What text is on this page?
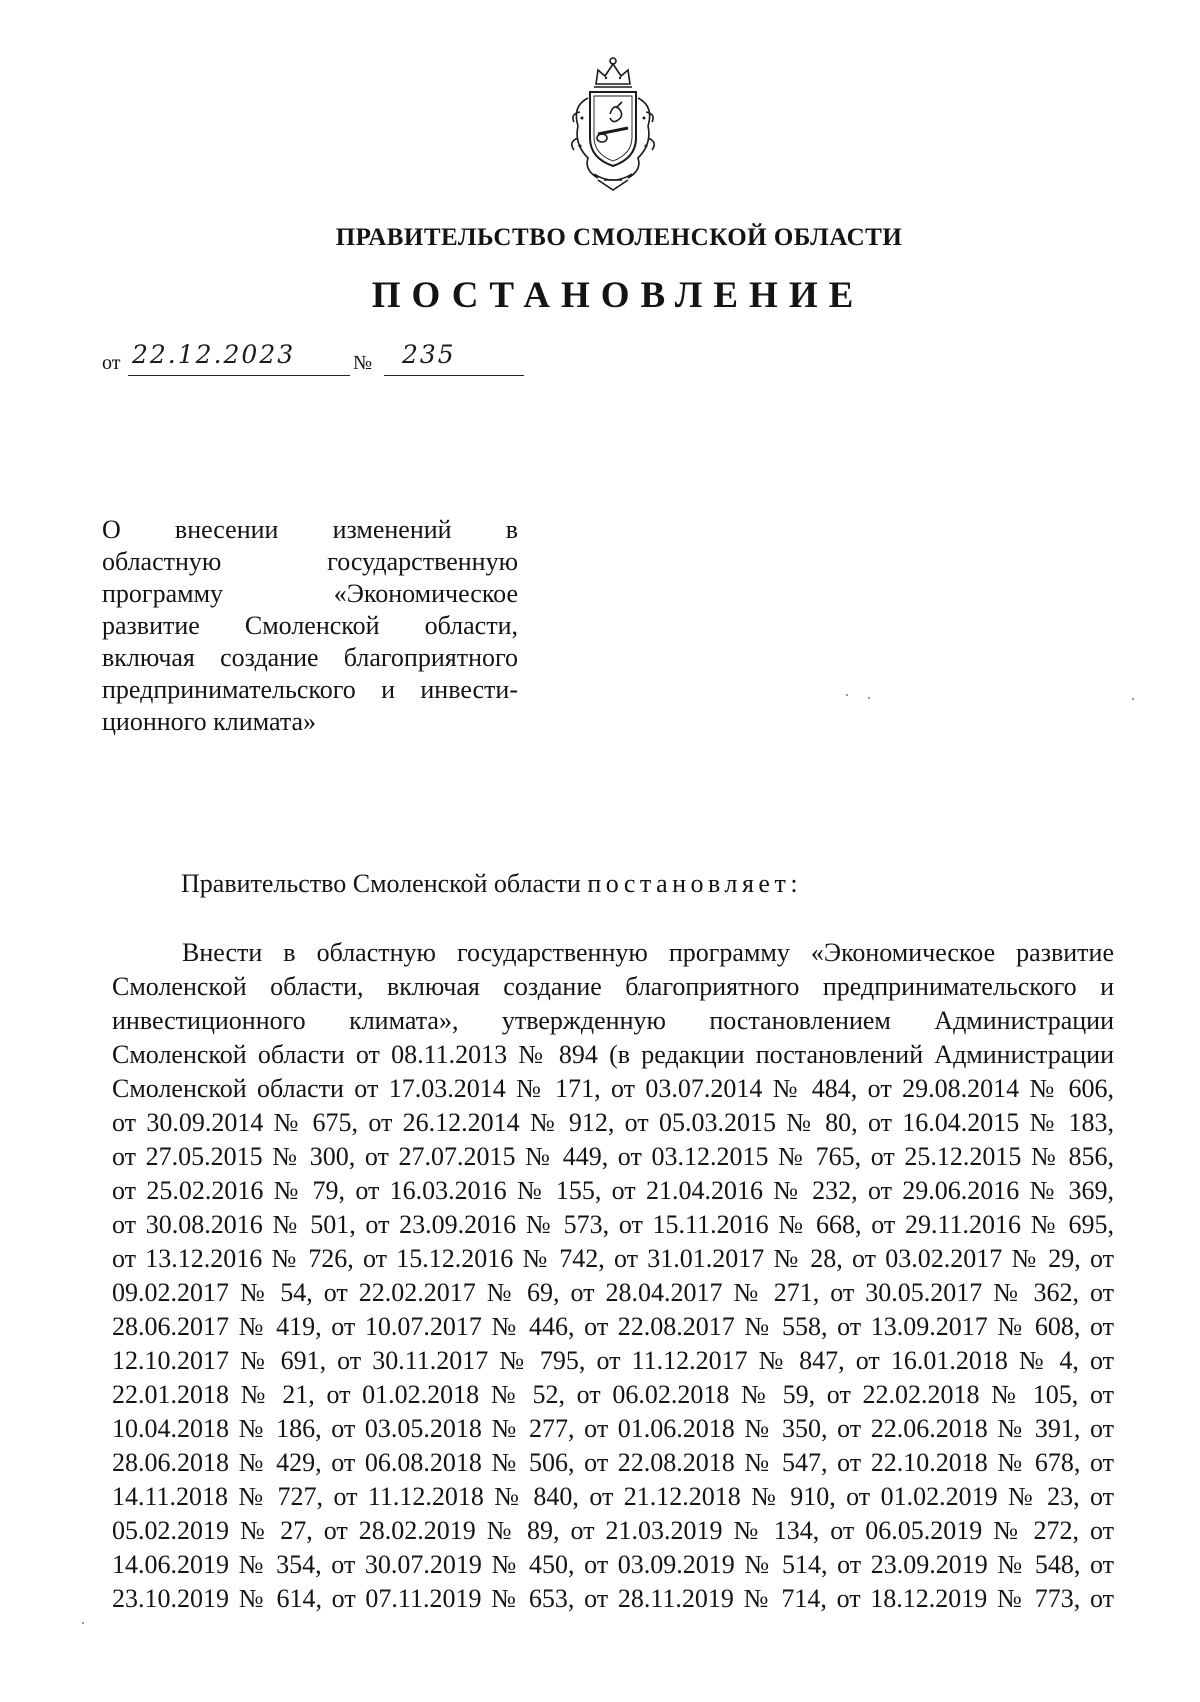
ПРАВИТЕЛЬСТВО СМОЛЕНСКОЙ ОБЛАСТИ
ПОСТАНОВЛЕНИЕ
от 22.12.2023	№ 235
О внесении изменений в
областную государственную
программу «Экономическое
развитие Смоленской области,
включая создание благоприятного
предпринимательского и инвести-
ционного климата»
Правительство Смоленской области постановляет:
Внести в областную государственную программу «Экономическое развитие
Смоленской области, включая создание благоприятного предпринимательского и
инвестиционного климата», утвержденную постановлением Администрации
Смоленской области от 08.11.2013 № 894 (в редакции постановлений Администрации
Смоленской области от 17.03.2014 № 171, от 03.07.2014 № 484, от 29.08.2014 № 606,
от 30.09.2014 № 675, от 26.12.2014 № 912, от 05.03.2015 № 80, от 16.04.2015 № 183,
от 27.05.2015 № 300, от 27.07.2015 № 449, от 03.12.2015 № 765, от 25.12.2015 № 856,
от 25.02.2016 № 79, от 16.03.2016 № 155, от 21.04.2016 № 232, от 29.06.2016 № 369,
от 30.08.2016 № 501, от 23.09.2016 № 573, от 15.11.2016 № 668, от 29.11.2016 № 695,
от 13.12.2016 № 726, от 15.12.2016 № 742, от 31.01.2017 № 28, от 03.02.2017 № 29, от
09.02.2017 № 54, от 22.02.2017 № 69, от 28.04.2017 № 271, от 30.05.2017 № 362, от
28.06.2017 № 419, от 10.07.2017 № 446, от 22.08.2017 № 558, от 13.09.2017 № 608, от
12.10.2017 № 691, от 30.11.2017 № 795, от 11.12.2017 № 847, от 16.01.2018 № 4, от
22.01.2018 № 21, от 01.02.2018 № 52, от 06.02.2018 № 59, от 22.02.2018 № 105, от
10.04.2018 № 186, от 03.05.2018 № 277, от 01.06.2018 № 350, от 22.06.2018 № 391, от
28.06.2018 № 429, от 06.08.2018 № 506, от 22.08.2018 № 547, от 22.10.2018 № 678, от
14.11.2018 № 727, от 11.12.2018 № 840, от 21.12.2018 № 910, от 01.02.2019 № 23, от
05.02.2019 № 27, от 28.02.2019 № 89, от 21.03.2019 № 134, от 06.05.2019 № 272, от
14.06.2019 № 354, от 30.07.2019 № 450, от 03.09.2019 № 514, от 23.09.2019 № 548, от
23.10.2019 № 614, от 07.11.2019 № 653, от 28.11.2019 № 714, от 18.12.2019 № 773, от
